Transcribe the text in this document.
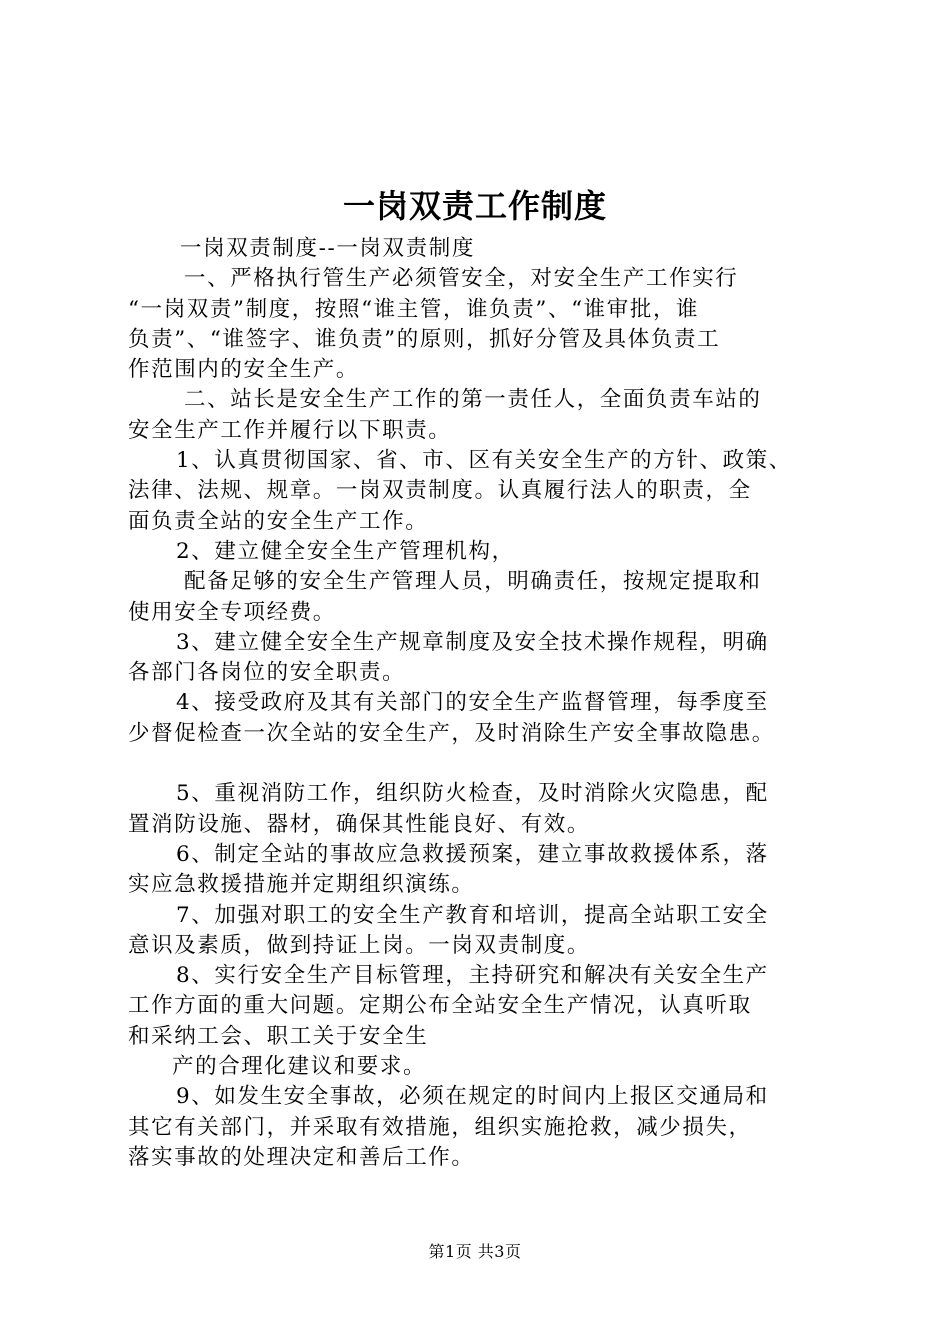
一岗双责工作制度
一岗双责制度--一岗双责制度
一、严格执行管生产必须管安全，对安全生产工作实行
“一岗双责”制度，按照“谁主管，谁负责”、“谁审批，谁
负责”、“谁签字、谁负责”的原则，抓好分管及具体负责工
作范围内的安全生产。
二、站长是安全生产工作的第一责任人，全面负责车站的
安全生产工作并履行以下职责。
1、认真贯彻国家、省、市、区有关安全生产的方针、政策、
法律、法规、规章。一岗双责制度。认真履行法人的职责，全
面负责全站的安全生产工作。
2、建立健全安全生产管理机构，
配备足够的安全生产管理人员，明确责任，按规定提取和
使用安全专项经费。
3、建立健全安全生产规章制度及安全技术操作规程，明确
各部门各岗位的安全职责。
4、接受政府及其有关部门的安全生产监督管理，每季度至
少督促检查一次全站的安全生产，及时消除生产安全事故隐患。
5、重视消防工作，组织防火检查，及时消除火灾隐患，配
置消防设施、器材，确保其性能良好、有效。
6、制定全站的事故应急救援预案，建立事故救援体系，落
实应急救援措施并定期组织演练。
7、加强对职工的安全生产教育和培训，提高全站职工安全
意识及素质，做到持证上岗。一岗双责制度。
8、实行安全生产目标管理，主持研究和解决有关安全生产
工作方面的重大问题。定期公布全站安全生产情况，认真听取
和采纳工会、职工关于安全生
产的合理化建议和要求。
9、如发生安全事故，必须在规定的时间内上报区交通局和
其它有关部门，并采取有效措施，组织实施抢救，减少损失，
落实事故的处理决定和善后工作。
第1页 共3页
